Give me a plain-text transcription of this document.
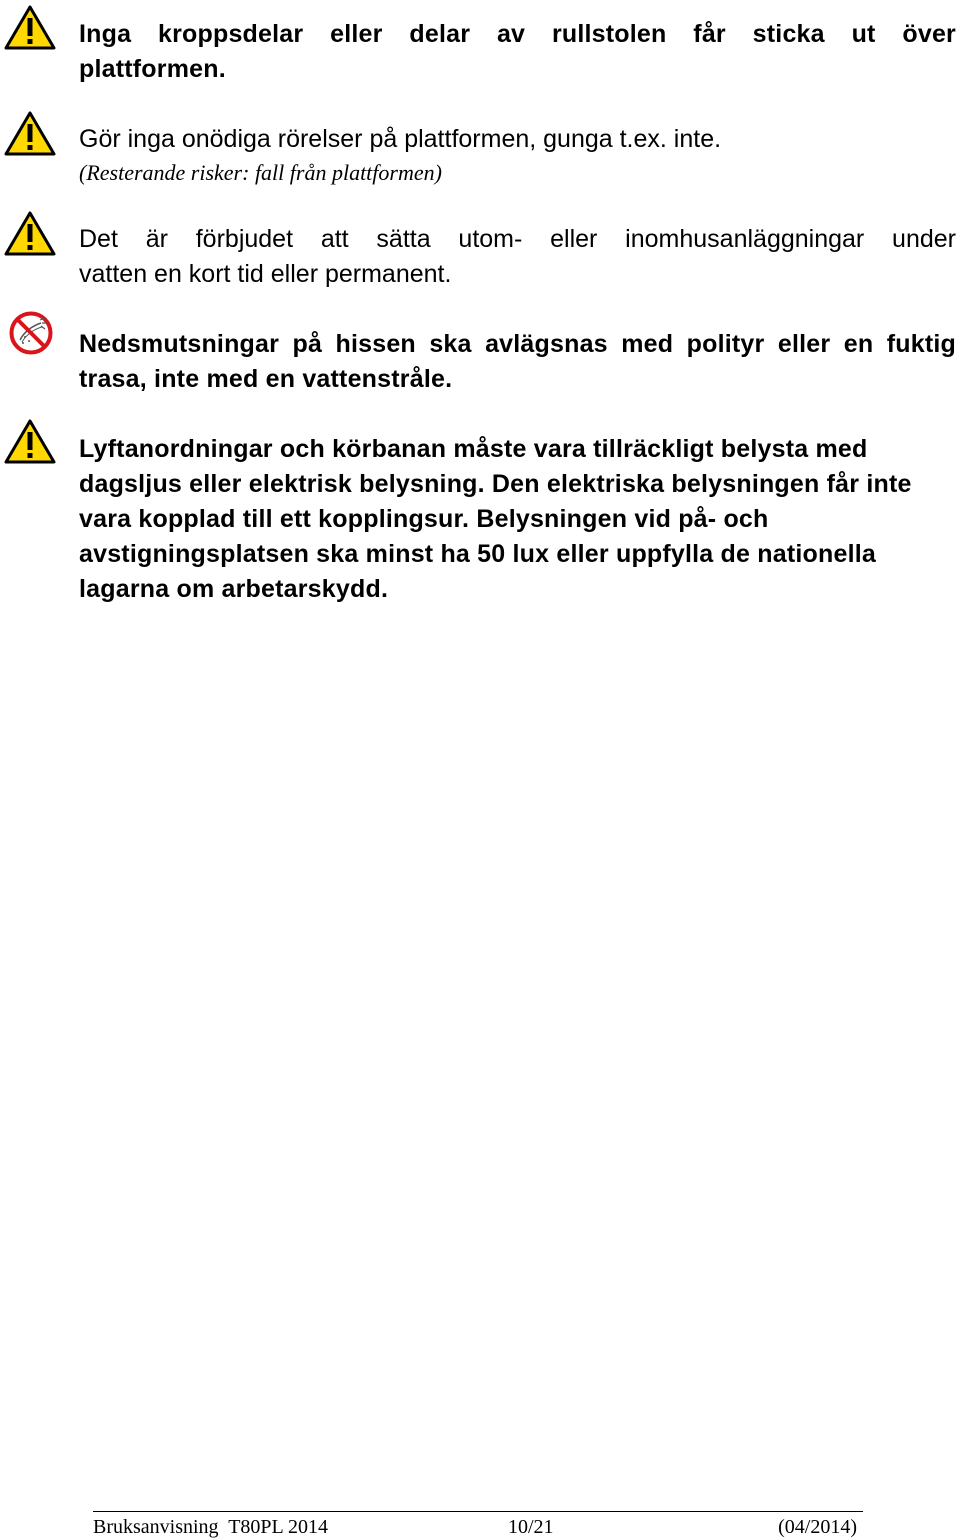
Inga kroppsdelar eller delar av rullstolen får sticka ut över
plattformen.
Gör inga onödiga rörelser på plattformen, gunga t.ex. inte.
(Resterande risker: fall från plattformen)
Det är förbjudet att sätta utom- eller inomhusanläggningar under
vatten en kort tid eller permanent.
Nedsmutsningar på hissen ska avlägsnas med polityr eller en fuktig
trasa, inte med en vattenstråle.
Lyftanordningar och körbanan måste vara tillräckligt belysta med
dagsljus eller elektrisk belysning. Den elektriska belysningen får inte
vara kopplad till ett kopplingsur. Belysningen vid på- och
avstigningsplatsen ska minst ha 50 lux eller uppfylla de nationella
lagarna om arbetarskydd.
Bruksanvisning  T80PL 2014	10/21	(04/2014)
